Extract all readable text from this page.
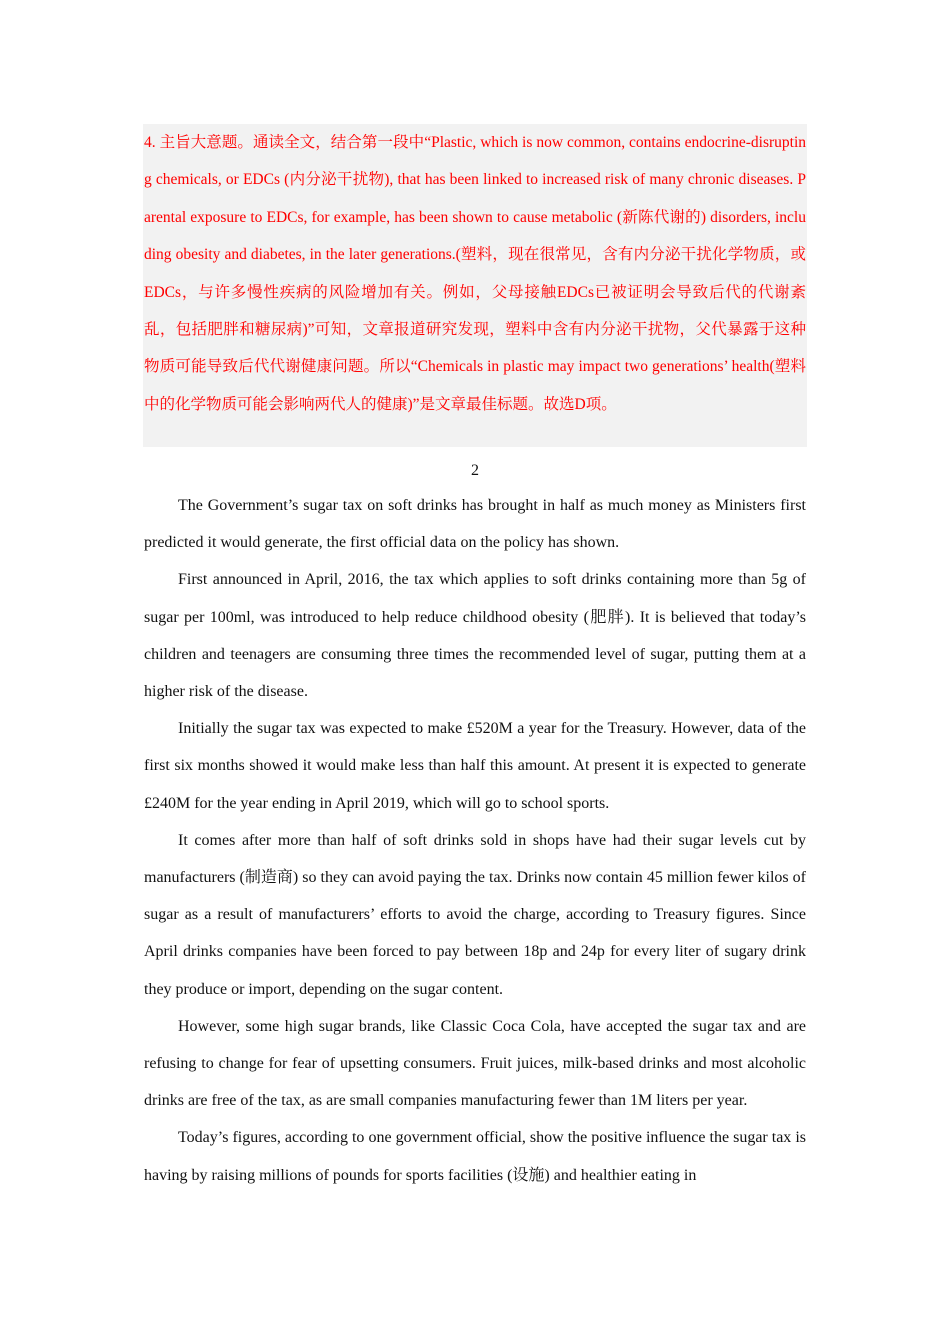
4. 主旨大意题。通读全文，结合第一段中“Plastic, which is now common, contains endocrine-disrupting chemicals, or EDCs (内分泌干扰物), that has been linked to increased risk of many chronic diseases. Parental exposure to EDCs, for example, has been shown to cause metabolic (新陈代谢的) disorders, including obesity and diabetes, in the later generations.(塑料，现在很常见，含有内分泌干扰化学物质，或EDCs，与许多慢性疾病的风险增加有关。例如，父母接触EDCs已被证明会导致后代的代谢紊乱，包括肥胖和糖尿病)”可知，文章报道研究发现，塑料中含有内分泌干扰物，父代暴露于这种物质可能导致后代代谢健康问题。所以“Chemicals in plastic may impact two generations’ health(塑料中的化学物质可能会影响两代人的健康)”是文章最佳标题。故选D项。

2

The Government’s sugar tax on soft drinks has brought in half as much money as Ministers first predicted it would generate, the first official data on the policy has shown.

First announced in April, 2016, the tax which applies to soft drinks containing more than 5g of sugar per 100ml, was introduced to help reduce childhood obesity (肥胖). It is believed that today’s children and teenagers are consuming three times the recommended level of sugar, putting them at a higher risk of the disease.

Initially the sugar tax was expected to make £520M a year for the Treasury. However, data of the first six months showed it would make less than half this amount. At present it is expected to generate £240M for the year ending in April 2019, which will go to school sports.

It comes after more than half of soft drinks sold in shops have had their sugar levels cut by manufacturers (制造商) so they can avoid paying the tax. Drinks now contain 45 million fewer kilos of sugar as a result of manufacturers’ efforts to avoid the charge, according to Treasury figures. Since April drinks companies have been forced to pay between 18p and 24p for every liter of sugary drink they produce or import, depending on the sugar content.

However, some high sugar brands, like Classic Coca Cola, have accepted the sugar tax and are refusing to change for fear of upsetting consumers. Fruit juices, milk-based drinks and most alcoholic drinks are free of the tax, as are small companies manufacturing fewer than 1M liters per year.

Today’s figures, according to one government official, show the positive influence the sugar tax is having by raising millions of pounds for sports facilities (设施) and healthier eating in
